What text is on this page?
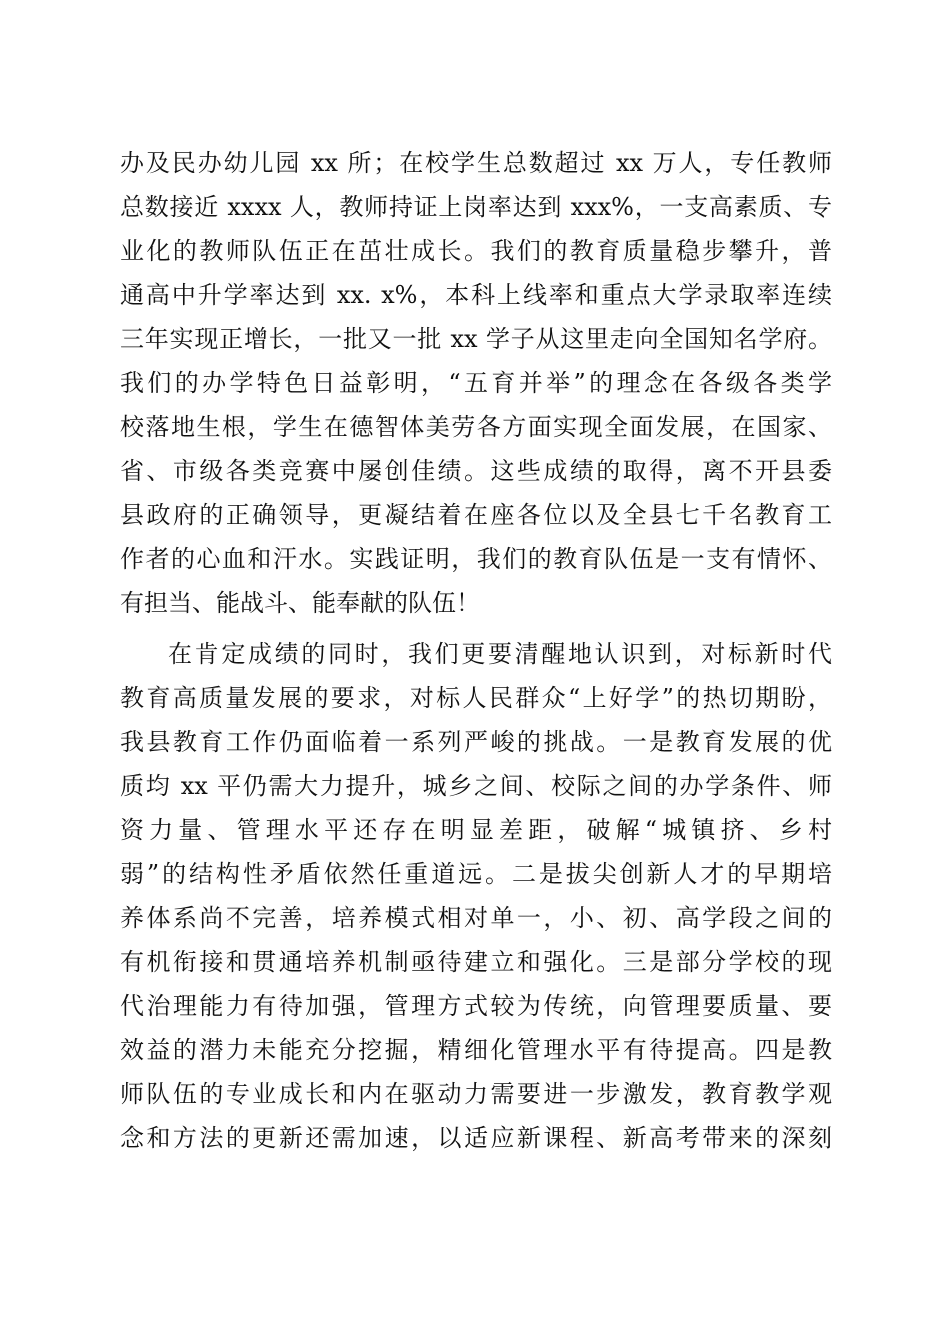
办及民办幼儿园 xx 所；在校学生总数超过 xx 万人，专任教师
总数接近 xxxx 人，教师持证上岗率达到 xxx%，一支高素质、专
业化的教师队伍正在茁壮成长。我们的教育质量稳步攀升，普
通高中升学率达到 xx. x%，本科上线率和重点大学录取率连续
三年实现正增长，一批又一批 xx 学子从这里走向全国知名学府。
我们的办学特色日益彰明，“五育并举”的理念在各级各类学
校落地生根，学生在德智体美劳各方面实现全面发展，在国家、
省、市级各类竞赛中屡创佳绩。这些成绩的取得，离不开县委
县政府的正确领导，更凝结着在座各位以及全县七千名教育工
作者的心血和汗水。实践证明，我们的教育队伍是一支有情怀、
有担当、能战斗、能奉献的队伍！
在肯定成绩的同时，我们更要清醒地认识到，对标新时代
教育高质量发展的要求，对标人民群众“上好学”的热切期盼，
我县教育工作仍面临着一系列严峻的挑战。一是教育发展的优
质均 xx 平仍需大力提升，城乡之间、校际之间的办学条件、师
资力量、管理水平还存在明显差距，破解“城镇挤、乡村
弱”的结构性矛盾依然任重道远。二是拔尖创新人才的早期培
养体系尚不完善，培养模式相对单一，小、初、高学段之间的
有机衔接和贯通培养机制亟待建立和强化。三是部分学校的现
代治理能力有待加强，管理方式较为传统，向管理要质量、要
效益的潜力未能充分挖掘，精细化管理水平有待提高。四是教
师队伍的专业成长和内在驱动力需要进一步激发，教育教学观
念和方法的更新还需加速，以适应新课程、新高考带来的深刻
